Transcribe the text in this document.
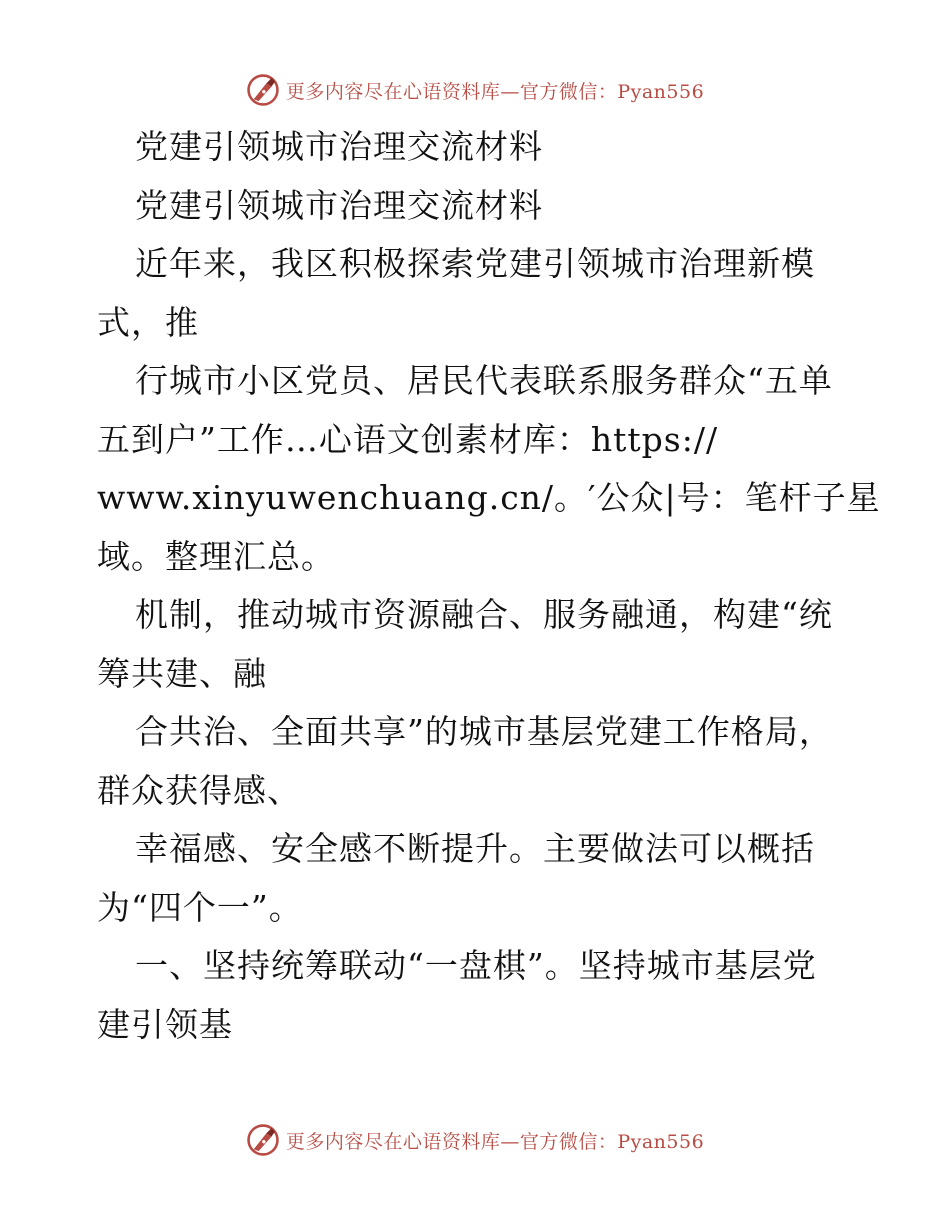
更多内容尽在心语资料库—官方微信：Pyan556
党建引领城市治理交流材料
党建引领城市治理交流材料
近年来，我区积极探索党建引领城市治理新模
式，推
行城市小区党员、居民代表联系服务群众“五单
五到户”工作…心语文创素材库：https://
www.xinyuwenchuang.cn/。′公众|号：笔杆子星
域。整理汇总。
机制，推动城市资源融合、服务融通，构建“统
筹共建、融
合共治、全面共享”的城市基层党建工作格局，
群众获得感、
幸福感、安全感不断提升。主要做法可以概括
为“四个一”。
一、坚持统筹联动“一盘棋”。坚持城市基层党
建引领基
更多内容尽在心语资料库—官方微信：Pyan556
